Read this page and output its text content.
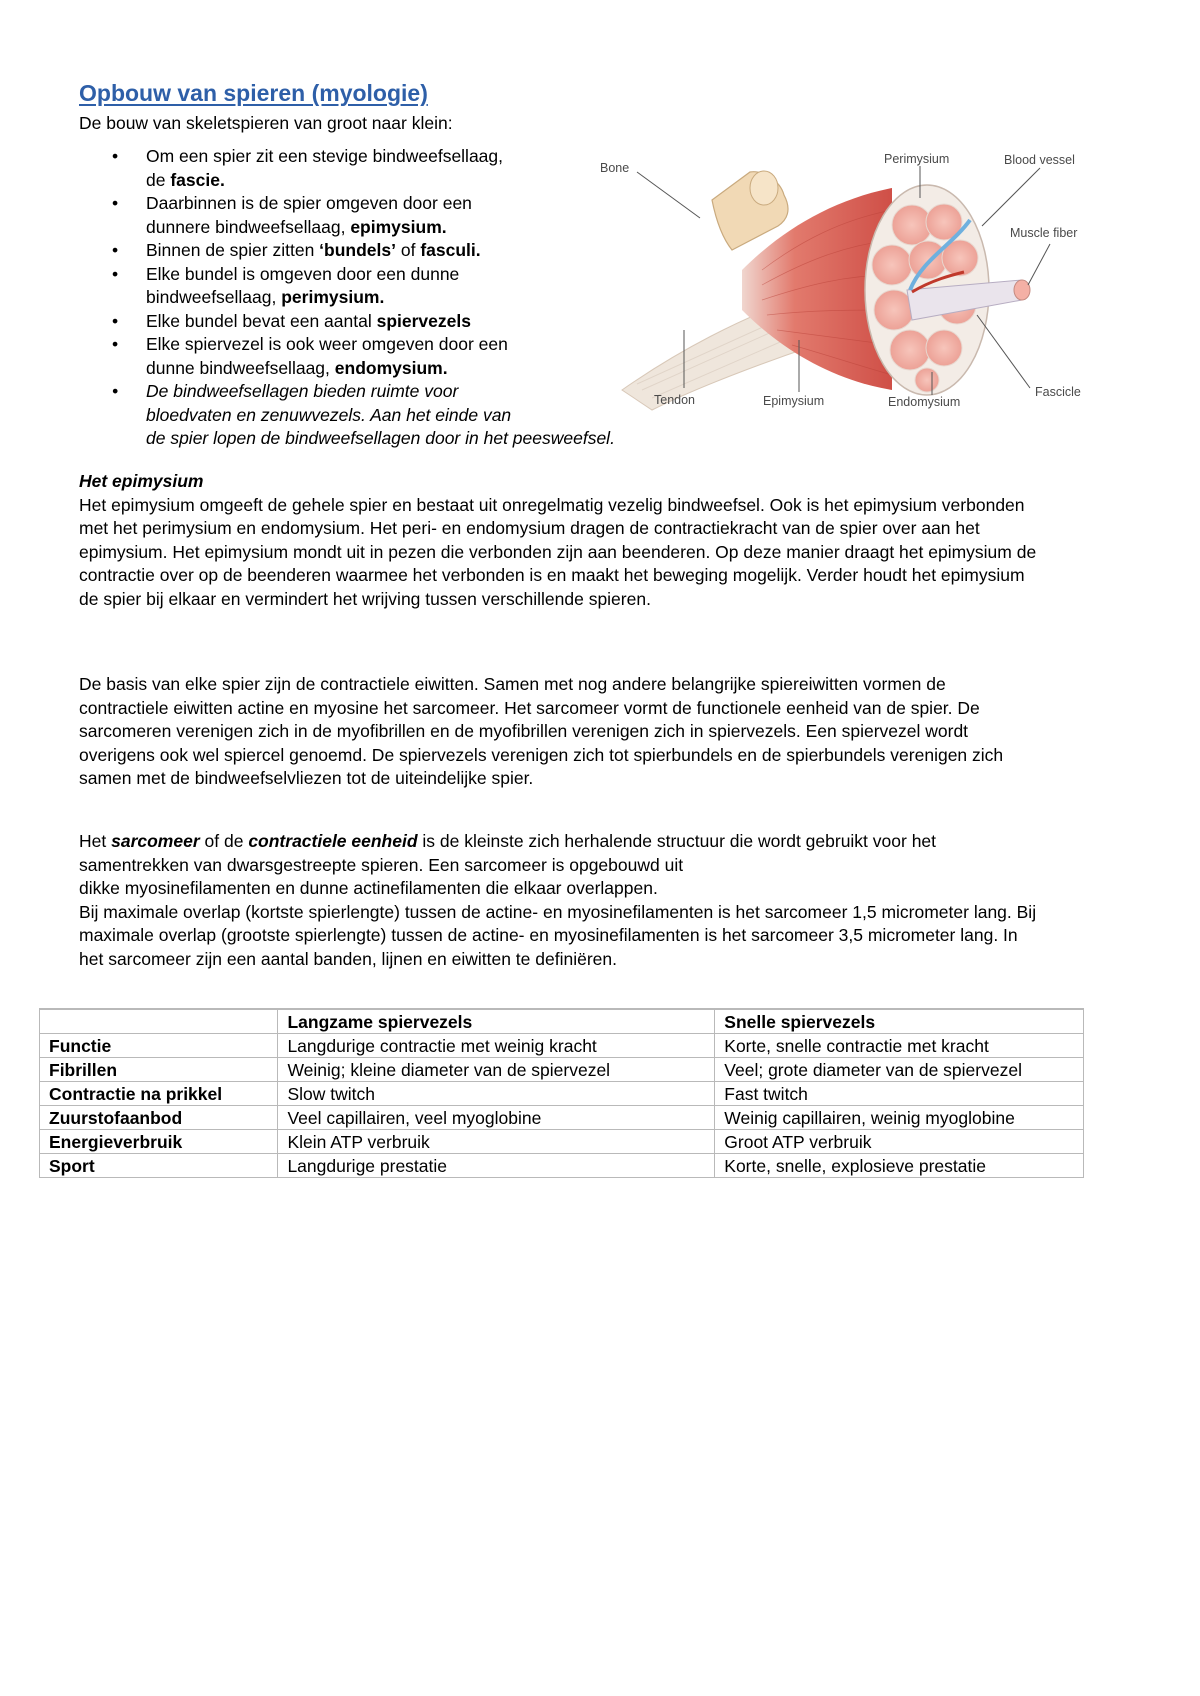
Opbouw van spieren (myologie)

De bouw van skeletspieren van groot naar klein:

• Om een spier zit een stevige bindweefsellaag,
de fascie.
• Daarbinnen is de spier omgeven door een
dunnere bindweefsellaag, epimysium.
• Binnen de spier zitten ‘bundels’ of fasculi.
• Elke bundel is omgeven door een dunne
bindweefsellaag, perimysium.
• Elke bundel bevat een aantal spiervezels
• Elke spiervezel is ook weer omgeven door een
dunne bindweefsellaag, endomysium.
• De bindweefsellagen bieden ruimte voor
bloedvaten en zenuwvezels. Aan het einde van
de spier lopen de bindweefsellagen door in het peesweefsel.
Bone
Perimysium	Blood vessel
Muscle fiber
Fascicle
Tendon	Epimysium	Endomysium
Het epimysium
Het epimysium omgeeft de gehele spier en bestaat uit onregelmatig vezelig bindweefsel. Ook is het epimysium verbonden met het perimysium en endomysium. Het peri- en endomysium dragen de contractiekracht van de spier over aan het epimysium. Het epimysium mondt uit in pezen die verbonden zijn aan beenderen. Op deze manier draagt het epimysium de contractie over op de beenderen waarmee het verbonden is en maakt het beweging mogelijk. Verder houdt het epimysium de spier bij elkaar en vermindert het wrijving tussen verschillende spieren.

De basis van elke spier zijn de contractiele eiwitten. Samen met nog andere belangrijke spiereiwitten vormen de contractiele eiwitten actine en myosine het sarcomeer. Het sarcomeer vormt de functionele eenheid van de spier. De sarcomeren verenigen zich in de myofibrillen en de myofibrillen verenigen zich in spiervezels. Een spiervezel wordt overigens ook wel spiercel genoemd. De spiervezels verenigen zich tot spierbundels en de spierbundels verenigen zich samen met de bindweefselvliezen tot de uiteindelijke spier.

Het sarcomeer of de contractiele eenheid is de kleinste zich herhalende structuur die wordt gebruikt voor het samentrekken van dwarsgestreepte spieren. Een sarcomeer is opgebouwd uit
dikke myosinefilamenten en dunne actinefilamenten die elkaar overlappen.
Bij maximale overlap (kortste spierlengte) tussen de actine- en myosinefilamenten is het sarcomeer 1,5 micrometer lang. Bij maximale overlap (grootste spierlengte) tussen de actine- en myosinefilamenten is het sarcomeer 3,5 micrometer lang. In het sarcomeer zijn een aantal banden, lijnen en eiwitten te definiëren.
	Langzame spiervezels	Snelle spiervezels
Functie	Langdurige contractie met weinig kracht	Korte, snelle contractie met kracht
Fibrillen	Weinig; kleine diameter van de spiervezel	Veel; grote diameter van de spiervezel
Contractie na prikkel	Slow twitch	Fast twitch
Zuurstofaanbod	Veel capillairen, veel myoglobine	Weinig capillairen, weinig myoglobine
Energieverbruik	Klein ATP verbruik	Groot ATP verbruik
Sport	Langdurige prestatie	Korte, snelle, explosieve prestatie
